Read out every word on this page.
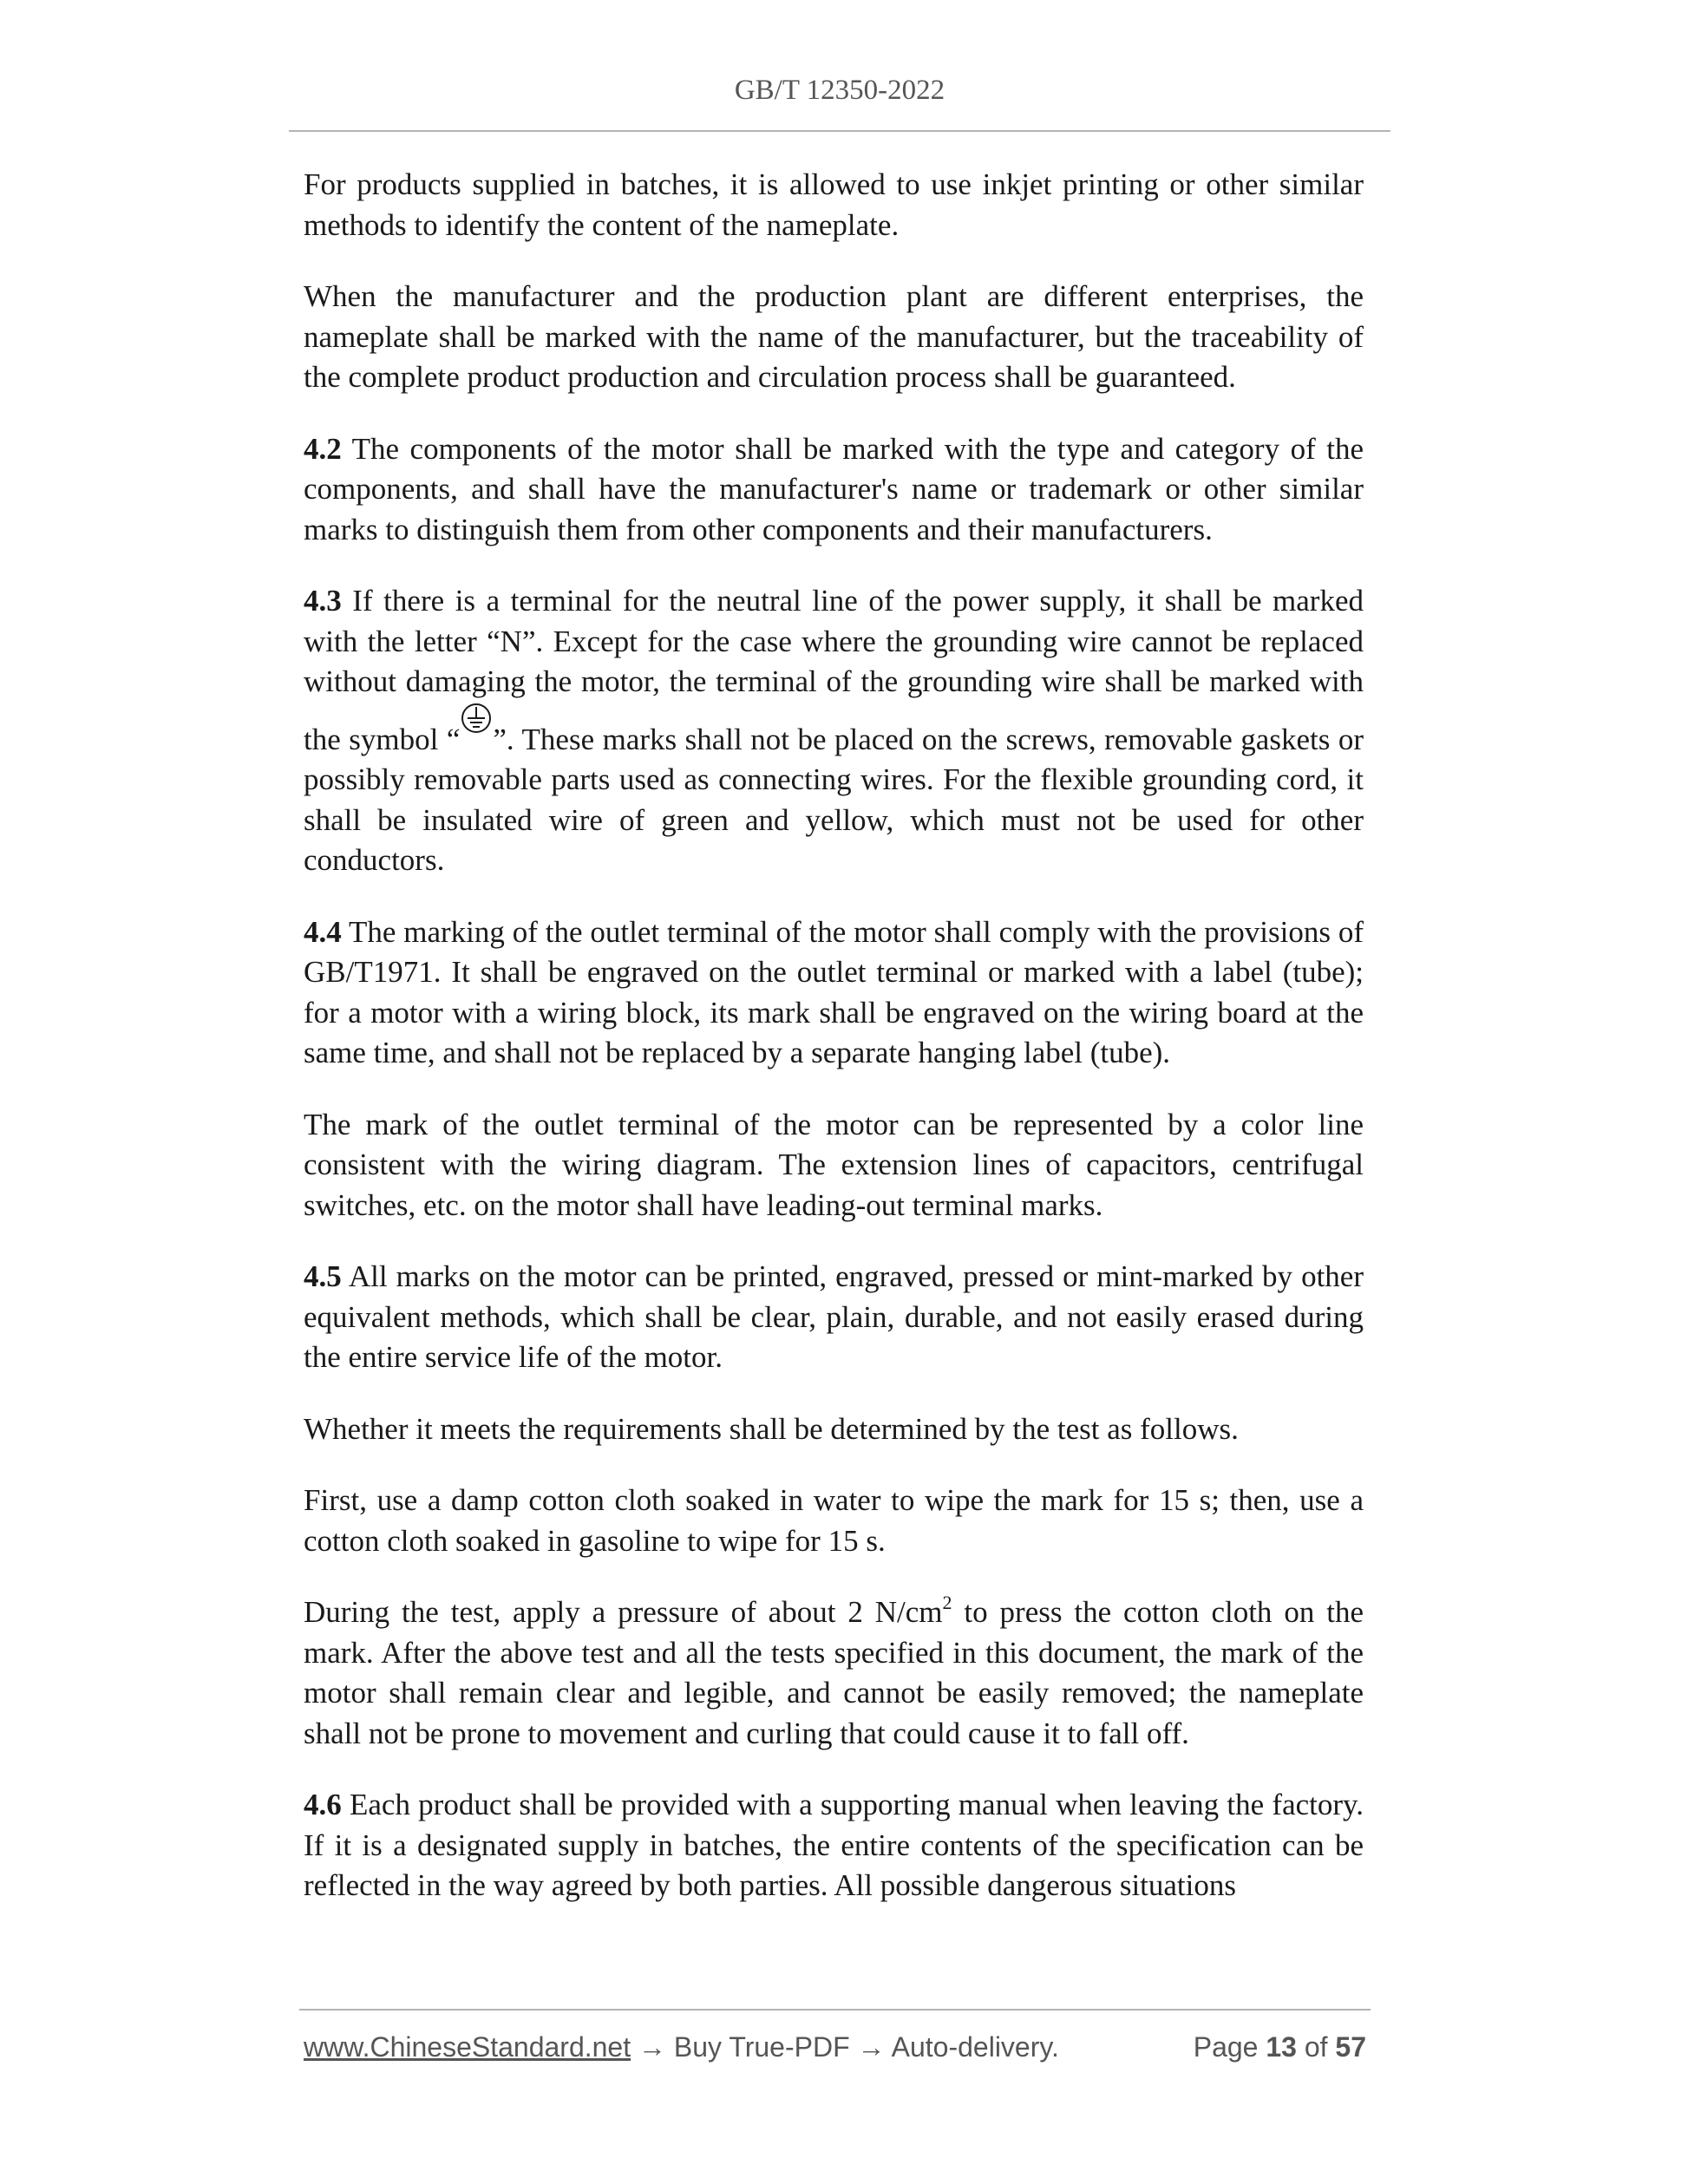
GB/T 12350-2022

For products supplied in batches, it is allowed to use inkjet printing or other similar methods to identify the content of the nameplate.

When the manufacturer and the production plant are different enterprises, the nameplate shall be marked with the name of the manufacturer, but the traceability of the complete product production and circulation process shall be guaranteed.

4.2 The components of the motor shall be marked with the type and category of the components, and shall have the manufacturer's name or trademark or other similar marks to distinguish them from other components and their manufacturers.

4.3 If there is a terminal for the neutral line of the power supply, it shall be marked with the letter “N”. Except for the case where the grounding wire cannot be replaced without damaging the motor, the terminal of the grounding wire shall be marked with the symbol “ ”. These marks shall not be placed on the screws, removable gaskets or possibly removable parts used as connecting wires. For the flexible grounding cord, it shall be insulated wire of green and yellow, which must not be used for other conductors.

4.4 The marking of the outlet terminal of the motor shall comply with the provisions of GB/T1971. It shall be engraved on the outlet terminal or marked with a label (tube); for a motor with a wiring block, its mark shall be engraved on the wiring board at the same time, and shall not be replaced by a separate hanging label (tube).

The mark of the outlet terminal of the motor can be represented by a color line consistent with the wiring diagram. The extension lines of capacitors, centrifugal switches, etc. on the motor shall have leading-out terminal marks.

4.5 All marks on the motor can be printed, engraved, pressed or mint-marked by other equivalent methods, which shall be clear, plain, durable, and not easily erased during the entire service life of the motor.

Whether it meets the requirements shall be determined by the test as follows.

First, use a damp cotton cloth soaked in water to wipe the mark for 15 s; then, use a cotton cloth soaked in gasoline to wipe for 15 s.

During the test, apply a pressure of about 2 $N/cm^2$ to press the cotton cloth on the mark. After the above test and all the tests specified in this document, the mark of the motor shall remain clear and legible, and cannot be easily removed; the nameplate shall not be prone to movement and curling that could cause it to fall off.

4.6 Each product shall be provided with a supporting manual when leaving the factory. If it is a designated supply in batches, the entire contents of the specification can be reflected in the way agreed by both parties. All possible dangerous situations

www.ChineseStandard.net → Buy True-PDF → Auto-delivery.	Page 13 of 57
